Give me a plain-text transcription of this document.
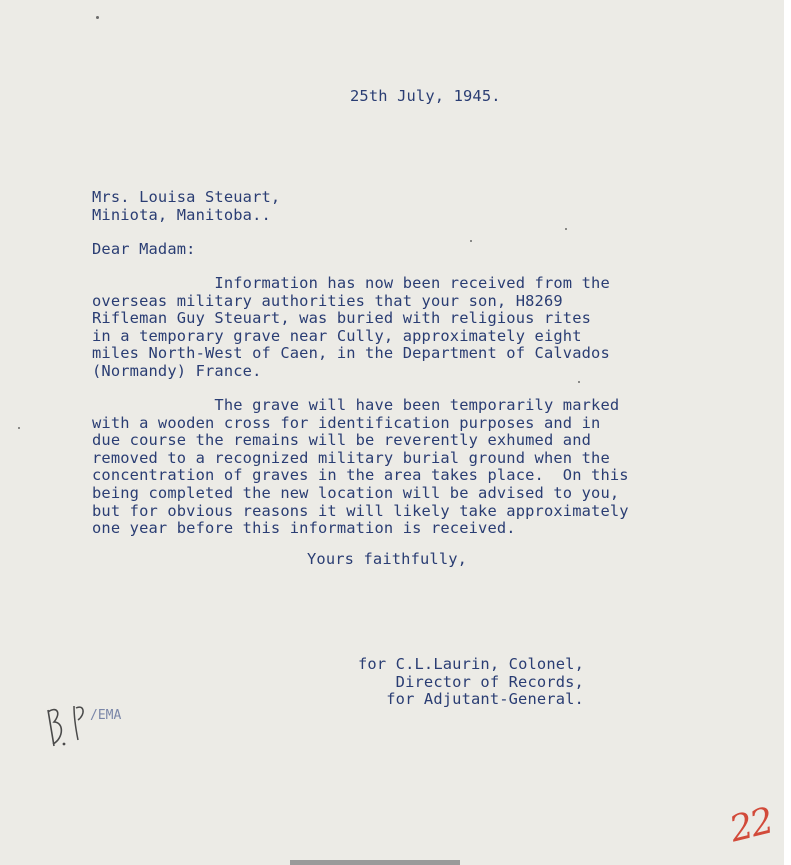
25th July, 1945.
Mrs. Louisa Steuart,
Miniota, Manitoba..
Dear Madam:
Information has now been received from the
overseas military authorities that your son, H8269
Rifleman Guy Steuart, was buried with religious rites
in a temporary grave near Cully, approximately eight
miles North-West of Caen, in the Department of Calvados
(Normandy) France.
The grave will have been temporarily marked
with a wooden cross for identification purposes and in
due course the remains will be reverently exhumed and
removed to a recognized military burial ground when the
concentration of graves in the area takes place.  On this
being completed the new location will be advised to you,
but for obvious reasons it will likely take approximately
one year before this information is received.
Yours faithfully,
for C.L.Laurin, Colonel,
Director of Records,
for Adjutant-General.
/EMA
22
